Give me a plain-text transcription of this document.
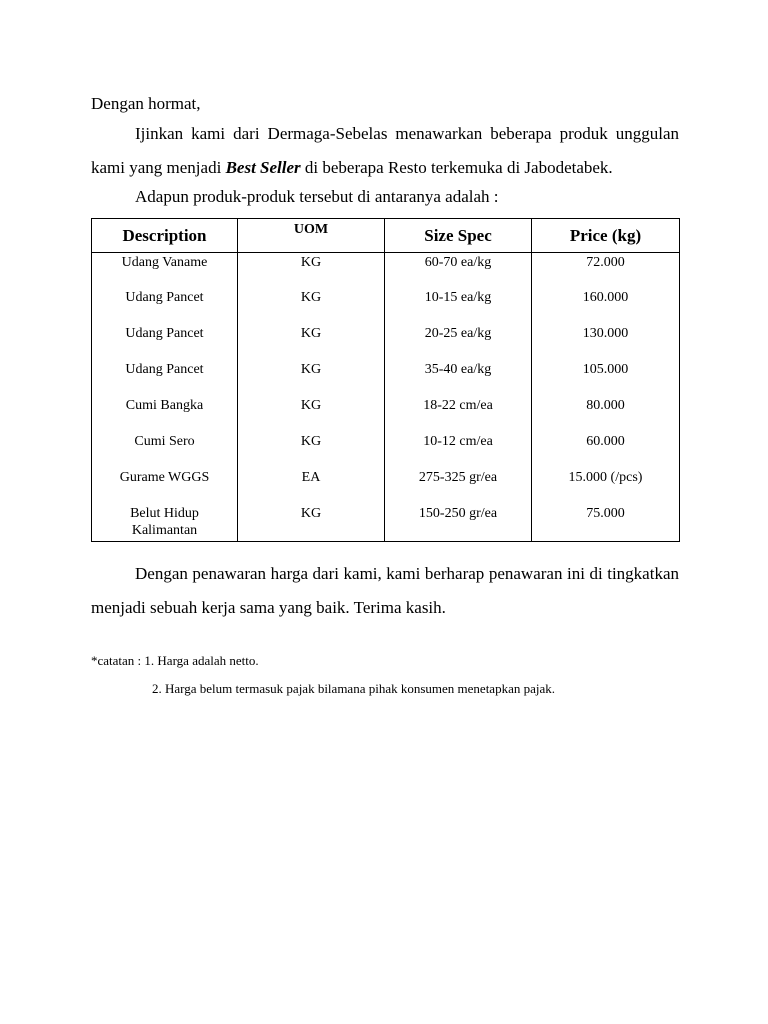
Dengan hormat,
Ijinkan kami dari Dermaga-Sebelas menawarkan beberapa produk unggulan kami yang menjadi Best Seller di beberapa Resto terkemuka di Jabodetabek.
Adapun produk-produk tersebut di antaranya adalah :
Description	UOM	Size Spec	Price (kg)
Udang Vaname	KG	60-70 ea/kg	72.000
Udang Pancet	KG	10-15 ea/kg	160.000
Udang Pancet	KG	20-25 ea/kg	130.000
Udang Pancet	KG	35-40 ea/kg	105.000
Cumi Bangka	KG	18-22 cm/ea	80.000
Cumi Sero	KG	10-12 cm/ea	60.000
Gurame WGGS	EA	275-325 gr/ea	15.000 (/pcs)
Belut Hidup Kalimantan	KG	150-250 gr/ea	75.000
Dengan penawaran harga dari kami, kami berharap penawaran ini di tingkatkan menjadi sebuah kerja sama yang baik. Terima kasih.
*catatan : 1. Harga adalah netto.
2. Harga belum termasuk pajak bilamana pihak konsumen menetapkan pajak.
